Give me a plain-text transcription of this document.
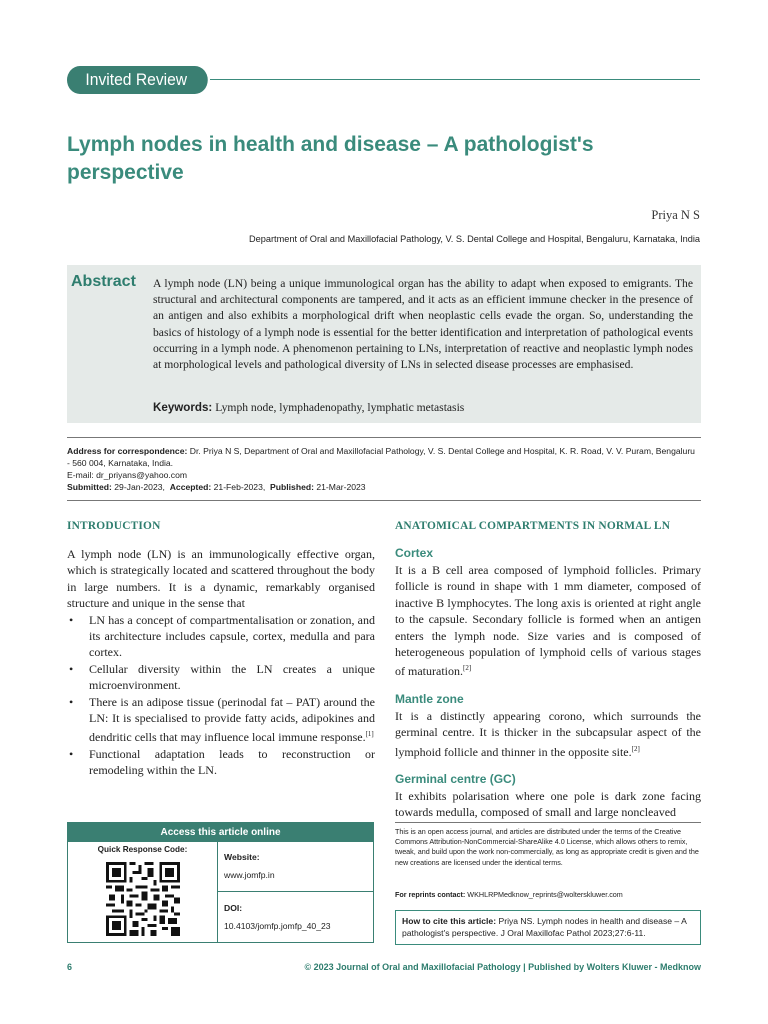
Invited Review
Lymph nodes in health and disease – A pathologist's perspective
Priya N S
Department of Oral and Maxillofacial Pathology, V. S. Dental College and Hospital, Bengaluru, Karnataka, India
Abstract A lymph node (LN) being a unique immunological organ has the ability to adapt when exposed to emigrants. The structural and architectural components are tampered, and it acts as an efficient immune checker in the presence of an antigen and also exhibits a morphological drift when neoplastic cells evade the organ. So, understanding the basics of histology of a lymph node is essential for the better identification and interpretation of pathological events occurring in a lymph node. A phenomenon pertaining to LNs, interpretation of reactive and neoplastic lymph nodes at morphological levels and pathological diversity of LNs in selected disease processes are emphasised.
Keywords: Lymph node, lymphadenopathy, lymphatic metastasis
Address for correspondence: Dr. Priya N S, Department of Oral and Maxillofacial Pathology, V. S. Dental College and Hospital, K. R. Road, V. V. Puram, Bengaluru - 560 004, Karnataka, India.
E-mail: dr_priyans@yahoo.com
Submitted: 29-Jan-2023, Accepted: 21-Feb-2023, Published: 21-Mar-2023
INTRODUCTION
A lymph node (LN) is an immunologically effective organ, which is strategically located and scattered throughout the body in large numbers. It is a dynamic, remarkably organised structure and unique in the sense that
• LN has a concept of compartmentalisation or zonation, and its architecture includes capsule, cortex, medulla and para cortex.
• Cellular diversity within the LN creates a unique microenvironment.
• There is an adipose tissue (perinodal fat – PAT) around the LN: It is specialised to provide fatty acids, adipokines and dendritic cells that may influence local immune response.[1]
• Functional adaptation leads to reconstruction or remodeling within the LN.
ANATOMICAL COMPARTMENTS IN NORMAL LN
Cortex
It is a B cell area composed of lymphoid follicles. Primary follicle is round in shape with 1 mm diameter, composed of inactive B lymphocytes. The long axis is oriented at right angle to the capsule. Secondary follicle is formed when an antigen enters the lymph node. Size varies and is composed of heterogeneous population of lymphoid cells of various stages of maturation.[2]
Mantle zone
It is a distinctly appearing corono, which surrounds the germinal centre. It is thicker in the subcapsular aspect of the lymphoid follicle and thinner in the opposite site.[2]
Germinal centre (GC)
It exhibits polarisation where one pole is dark zone facing towards medulla, composed of small and large noncleaved
Access this article online
Quick Response Code:
Website:
www.jomfp.in
DOI:
10.4103/jomfp.jomfp_40_23
This is an open access journal, and articles are distributed under the terms of the Creative Commons Attribution-NonCommercial-ShareAlike 4.0 License, which allows others to remix, tweak, and build upon the work non-commercially, as long as appropriate credit is given and the new creations are licensed under the identical terms.
For reprints contact: WKHLRPMedknow_reprints@wolterskluwer.com
How to cite this article: Priya NS. Lymph nodes in health and disease – A pathologist's perspective. J Oral Maxillofac Pathol 2023;27:6-11.
6	© 2023 Journal of Oral and Maxillofacial Pathology | Published by Wolters Kluwer - Medknow
